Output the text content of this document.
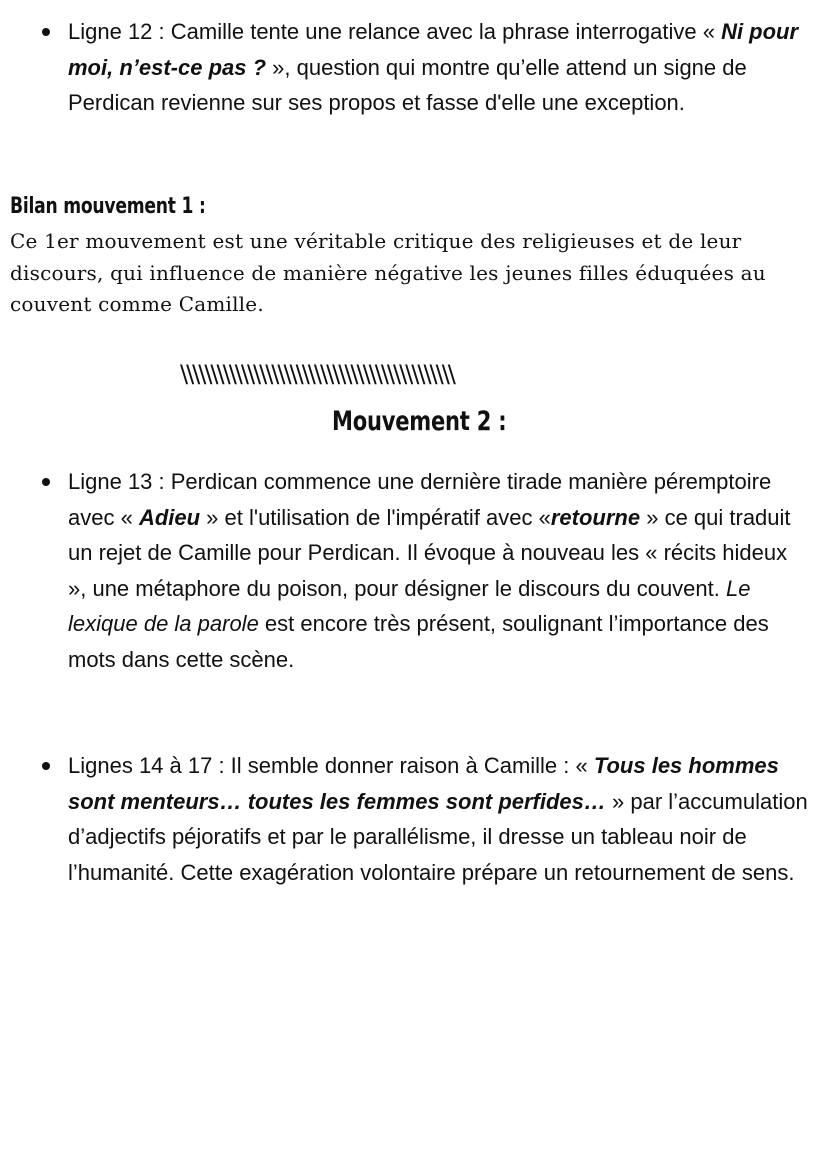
Ligne 12 : Camille tente une relance avec la phrase interrogative « Ni pour moi, n’est-ce pas ? », question qui montre qu’elle attend un signe de Perdican revienne sur ses propos et fasse d'elle une exception.
Bilan mouvement 1 :
Ce 1er mouvement est une véritable critique des religieuses et de leur discours, qui influence de manière négative les jeunes filles éduquées au couvent comme Camille.
\\\\\\\\\\\\\\\\\\\\\\\\\\\\\\\\\\\\\\\\\\\\\
Mouvement 2 :
Ligne 13 : Perdican commence une dernière tirade manière péremptoire avec « Adieu » et l'utilisation de l'impératif avec «retourne » ce qui traduit un rejet de Camille pour Perdican. Il évoque à nouveau les « récits hideux », une métaphore du poison, pour désigner le discours du couvent. Le lexique de la parole est encore très présent, soulignant l’importance des mots dans cette scène.
Lignes 14 à 17 : Il semble donner raison à Camille : « Tous les hommes sont menteurs… toutes les femmes sont perfides… » par l’accumulation d’adjectifs péjoratifs et par le parallélisme, il dresse un tableau noir de l’humanité. Cette exagération volontaire prépare un retournement de sens.
